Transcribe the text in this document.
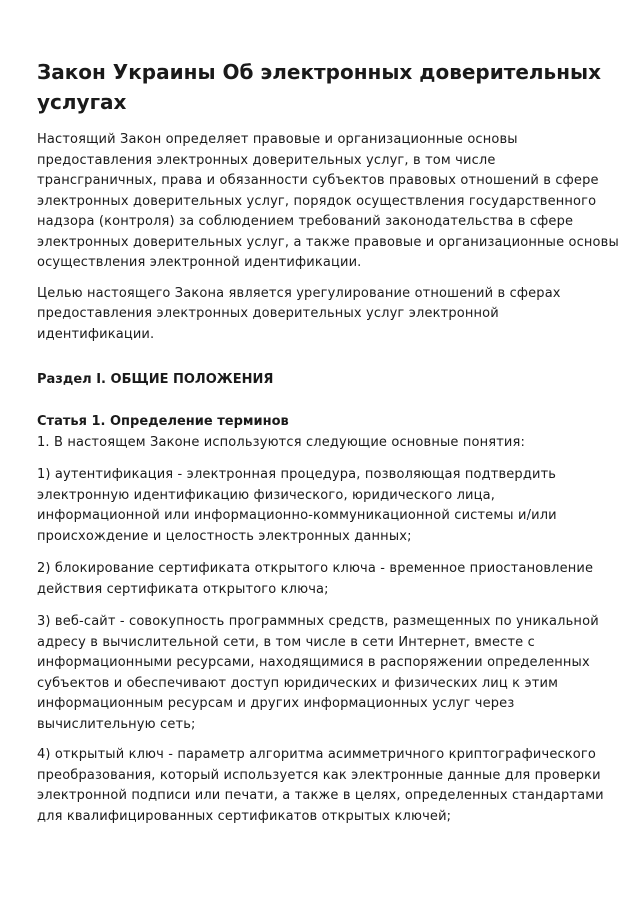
Закон Украины Об электронных доверительных
услугах
Настоящий Закон определяет правовые и организационные основы
предоставления электронных доверительных услуг, в том числе
трансграничных, права и обязанности субъектов правовых отношений в сфере
электронных доверительных услуг, порядок осуществления государственного
надзора (контроля) за соблюдением требований законодательства в сфере
электронных доверительных услуг, а также правовые и организационные основы
осуществления электронной идентификации.
Целью настоящего Закона является урегулирование отношений в сферах
предоставления электронных доверительных услуг электронной
идентификации.
Раздел I. ОБЩИЕ ПОЛОЖЕНИЯ
Статья 1. Определение терминов
1. В настоящем Законе используются следующие основные понятия:
1) аутентификация - электронная процедура, позволяющая подтвердить
электронную идентификацию физического, юридического лица,
информационной или информационно-коммуникационной системы и/или
происхождение и целостность электронных данных;
2) блокирование сертификата открытого ключа - временное приостановление
действия сертификата открытого ключа;
3) веб-сайт - совокупность программных средств, размещенных по уникальной
адресу в вычислительной сети, в том числе в сети Интернет, вместе с
информационными ресурсами, находящимися в распоряжении определенных
субъектов и обеспечивают доступ юридических и физических лиц к этим
информационным ресурсам и других информационных услуг через
вычислительную сеть;
4) открытый ключ - параметр алгоритма асимметричного криптографического
преобразования, который используется как электронные данные для проверки
электронной подписи или печати, а также в целях, определенных стандартами
для квалифицированных сертификатов открытых ключей;
